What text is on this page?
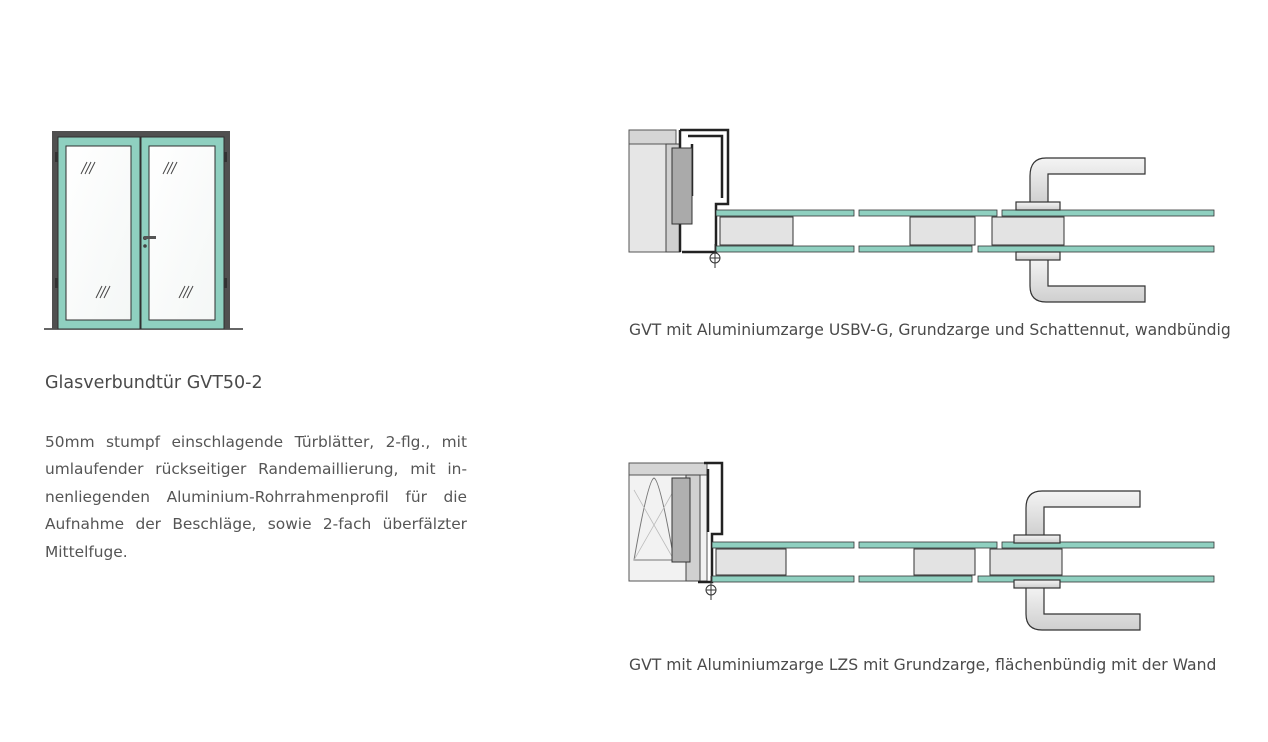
Glasverbundtür GVT50-2

50mm stumpf einschlagende Türblätter, 2-flg., mit umlaufender rückseitiger Randemaillierung, mit in-nenliegenden Aluminium-Rohrrahmenprofil für die Aufnahme der Beschläge, sowie 2-fach überfälzter Mittelfuge.

GVT mit Aluminiumzarge USBV-G, Grundzarge und Schattennut, wandbündig

GVT mit Aluminiumzarge LZS mit Grundzarge, flächenbündig mit der Wand
